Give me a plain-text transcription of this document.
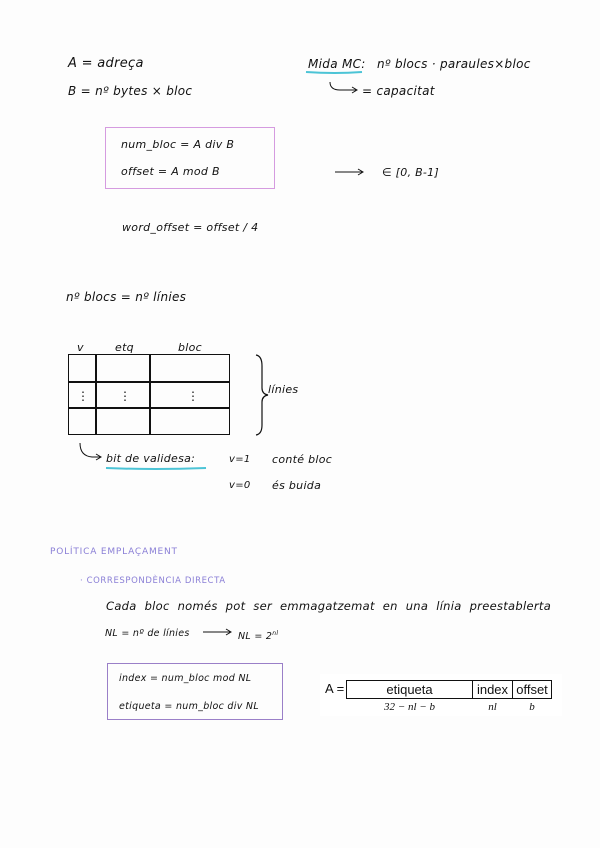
A = adreça
B = nº bytes × bloc
Mida MC: nº blocs · paraules×bloc
= capacitat
num_bloc = A div B
offset = A mod B	∈ [0, B-1]
word_offset = offset / 4
nº blocs = nº línies
v	etq	bloc
⋮	⋮	⋮	línies
bit de validesa:	v=1 conté bloc
v=0 és buida
POLÍTICA EMPLAÇAMENT
· CORRESPONDÈNCIA DIRECTA
Cada bloc només pot ser emmagatzemat en una línia preestablerta
NL = nº de línies	NL = $2^{nl}$
index = num_bloc mod NL
etiqueta = num_bloc div NL
A =	etiqueta	index offset
32 − nl − b	nl	b
